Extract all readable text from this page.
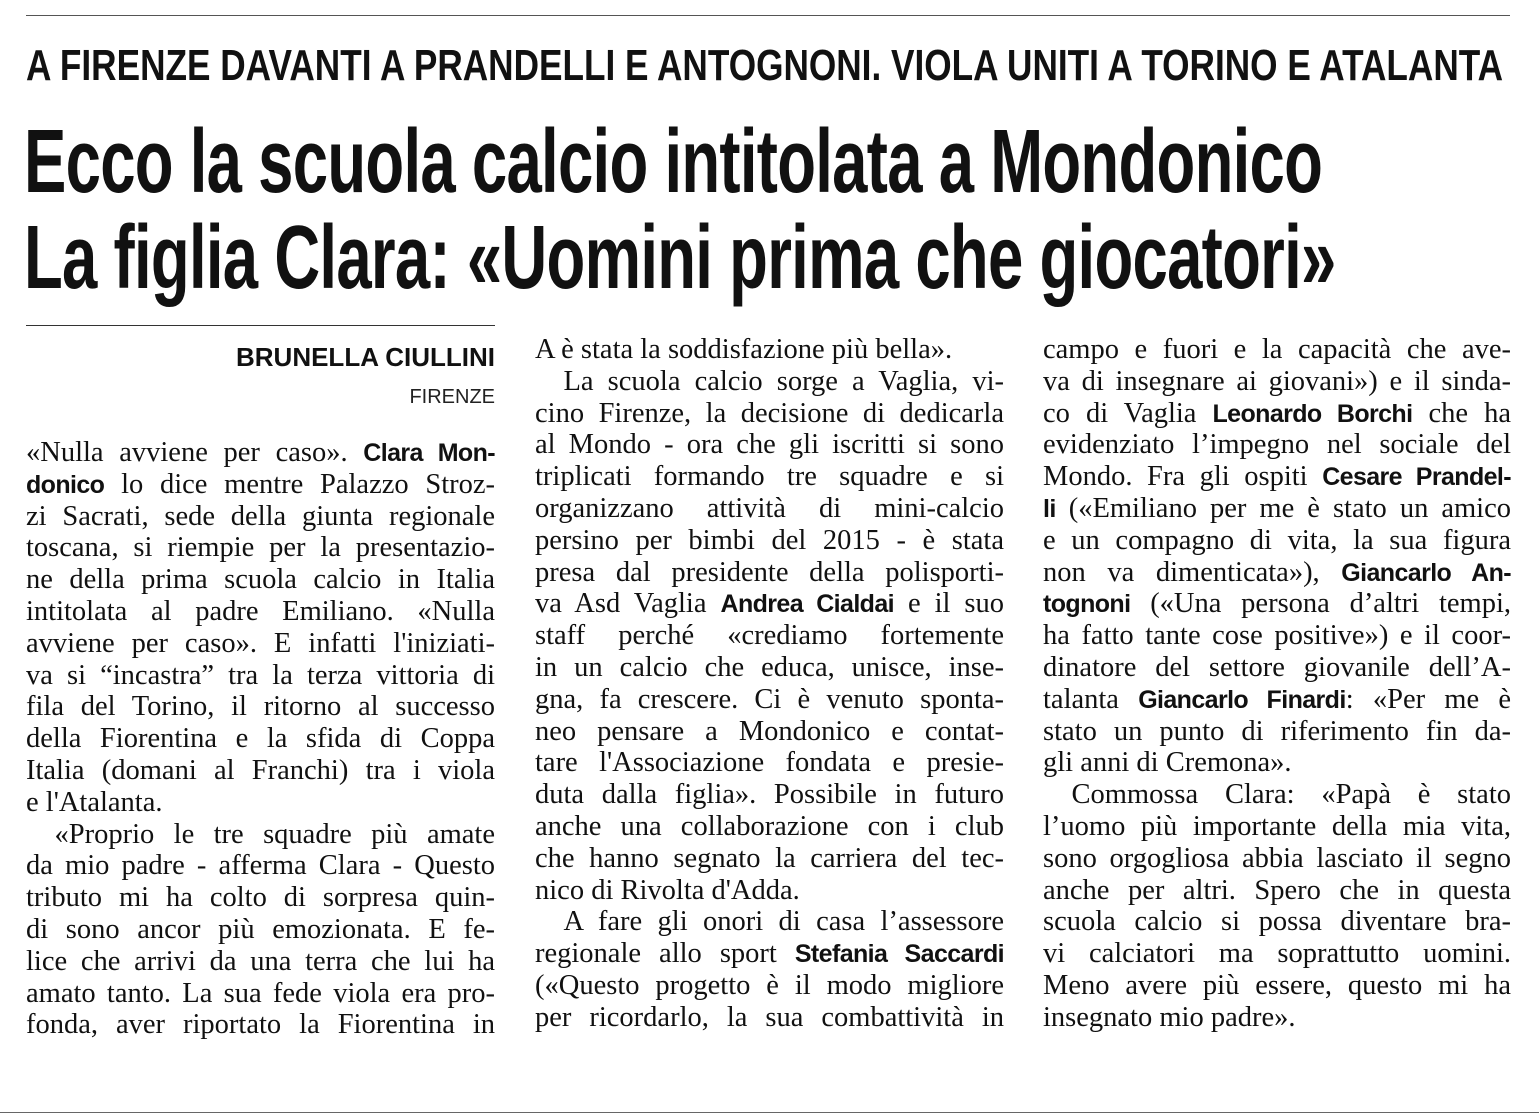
A FIRENZE DAVANTI A PRANDELLI E ANTOGNONI. VIOLA UNITI A TORINO E ATALANTA
Ecco la scuola calcio intitolata a Mondonico
La figlia Clara: «Uomini prima che giocatori»
BRUNELLA CIULLINI
FIRENZE
«Nulla avviene per caso». Clara Mon-
donico lo dice mentre Palazzo Stroz-
zi Sacrati, sede della giunta regionale
toscana, si riempie per la presentazio-
ne della prima scuola calcio in Italia
intitolata al padre Emiliano. «Nulla
avviene per caso». E infatti l'iniziati-
va si “incastra” tra la terza vittoria di
fila del Torino, il ritorno al successo
della Fiorentina e la sfida di Coppa
Italia (domani al Franchi) tra i viola
e l'Atalanta.
 «Proprio le tre squadre più amate
da mio padre - afferma Clara - Questo
tributo mi ha colto di sorpresa quin-
di sono ancor più emozionata. E fe-
lice che arrivi da una terra che lui ha
amato tanto. La sua fede viola era pro-
fonda, aver riportato la Fiorentina in
A è stata la soddisfazione più bella».
 La scuola calcio sorge a Vaglia, vi-
cino Firenze, la decisione di dedicarla
al Mondo - ora che gli iscritti si sono
triplicati formando tre squadre e si
organizzano attività di mini-calcio
persino per bimbi del 2015 - è stata
presa dal presidente della polisporti-
va Asd Vaglia Andrea Cialdai e il suo
staff perché «crediamo fortemente
in un calcio che educa, unisce, inse-
gna, fa crescere. Ci è venuto sponta-
neo pensare a Mondonico e contat-
tare l'Associazione fondata e presie-
duta dalla figlia». Possibile in futuro
anche una collaborazione con i club
che hanno segnato la carriera del tec-
nico di Rivolta d'Adda.
 A fare gli onori di casa l’assessore
regionale allo sport Stefania Saccardi
(«Questo progetto è il modo migliore
per ricordarlo, la sua combattività in
campo e fuori e la capacità che ave-
va di insegnare ai giovani») e il sinda-
co di Vaglia Leonardo Borchi che ha
evidenziato l’impegno nel sociale del
Mondo. Fra gli ospiti Cesare Prandel-
li («Emiliano per me è stato un amico
e un compagno di vita, la sua figura
non va dimenticata»), Giancarlo An-
tognoni («Una persona d’altri tempi,
ha fatto tante cose positive») e il coor-
dinatore del settore giovanile dell’A-
talanta Giancarlo Finardi: «Per me è
stato un punto di riferimento fin da-
gli anni di Cremona».
 Commossa Clara: «Papà è stato
l’uomo più importante della mia vita,
sono orgogliosa abbia lasciato il segno
anche per altri. Spero che in questa
scuola calcio si possa diventare bra-
vi calciatori ma soprattutto uomini.
Meno avere più essere, questo mi ha
insegnato mio padre».
